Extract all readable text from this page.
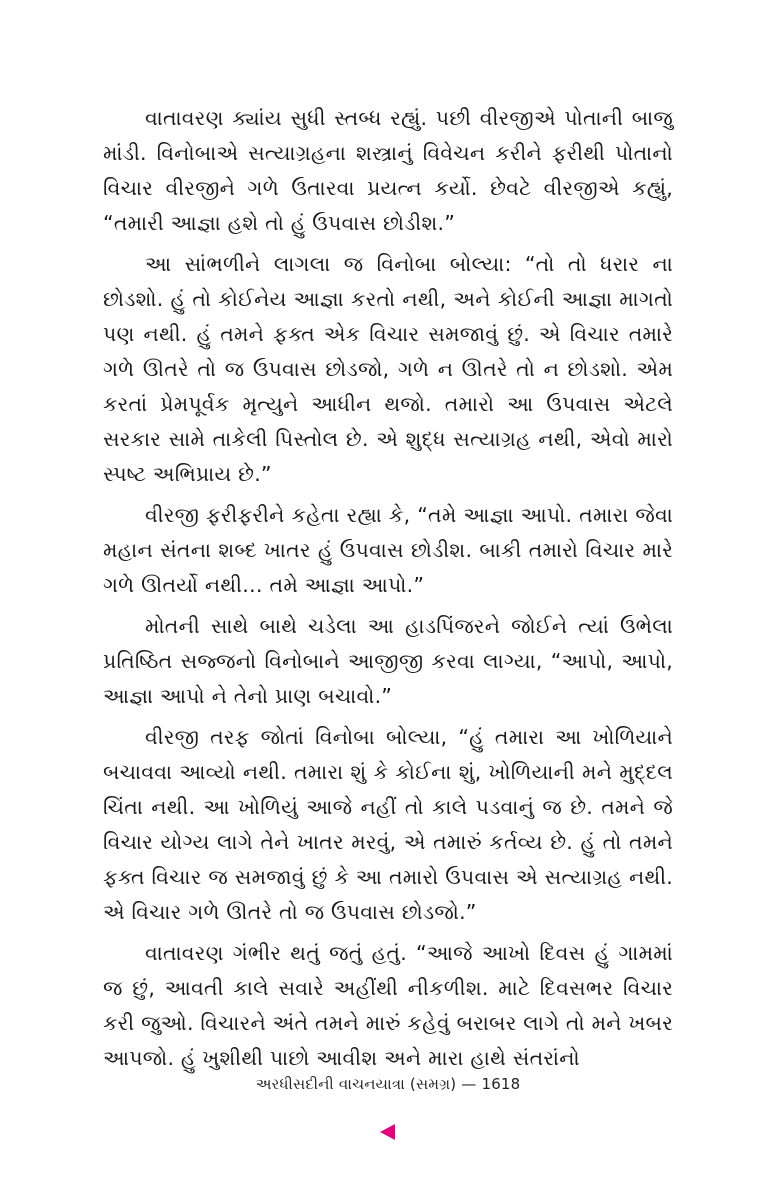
વાતાવરણ ક્યાંય સુધી સ્તબ્ધ રહ્યું. પછી વીરજીએ પોતાની બાજુ માંડી. વિનોબાએ સત્યાગ્રહના શસ્ત્રાનું વિવેચન કરીને ફરીથી પોતાનો વિચાર વીરજીને ગળે ઉતારવા પ્રયત્ન કર્યો. છેવટે વીરજીએ કહ્યું, “તમારી આજ્ઞા હશે તો હું ઉપવાસ છોડીશ.”

આ સાંભળીને લાગલા જ વિનોબા બોલ્યા: “તો તો ધરાર ના છોડશો. હું તો કોઈનેય આજ્ઞા કરતો નથી, અને કોઈની આજ્ઞા માગતો પણ નથી. હું તમને ફક્ત એક વિચાર સમજાવું છું. એ વિચાર તમારે ગળે ઊતરે તો જ ઉપવાસ છોડજો, ગળે ન ઊતરે તો ન છોડશો. એમ કરતાં પ્રેમપૂર્વક મૃત્યુને આધીન થજો. તમારો આ ઉપવાસ એટલે સરકાર સામે તાકેલી પિસ્તોલ છે. એ શુદ્ધ સત્યાગ્રહ નથી, એવો મારો સ્પષ્ટ અભિપ્રાય છે.”

વીરજી ફરીફરીને કહેતા રહ્યા કે, “તમે આજ્ઞા આપો. તમારા જેવા મહાન સંતના શબ્દ ખાતર હું ઉપવાસ છોડીશ. બાકી તમારો વિચાર મારે ગળે ઊતર્યો નથી… તમે આજ્ઞા આપો.”

મોતની સાથે બાથે ચડેલા આ હાડપિંજરને જોઈને ત્યાં ઉભેલા પ્રતિષ્ઠિત સજ્જનો વિનોબાને આજીજી કરવા લાગ્યા, “આપો, આપો, આજ્ઞા આપો ને તેનો પ્રાણ બચાવો.”

વીરજી તરફ જોતાં વિનોબા બોલ્યા, “હું તમારા આ ખોળિયાને બચાવવા આવ્યો નથી. તમારા શું કે કોઈના શું, ખોળિયાની મને મુદ્દલ ચિંતા નથી. આ ખોળિયું આજે નહીં તો કાલે પડવાનું જ છે. તમને જે વિચાર યોગ્ય લાગે તેને ખાતર મરવું, એ તમારું કર્તવ્ય છે. હું તો તમને ફક્ત વિચાર જ સમજાવું છું કે આ તમારો ઉપવાસ એ સત્યાગ્રહ નથી. એ વિચાર ગળે ઊતરે તો જ ઉપવાસ છોડજો.”

વાતાવરણ ગંભીર થતું જતું હતું. “આજે આખો દિવસ હું ગામમાં જ છું, આવતી કાલે સવારે અહીંથી નીકળીશ. માટે દિવસભર વિચાર કરી જુઓ. વિચારને અંતે તમને મારું કહેવું બરાબર લાગે તો મને ખબર આપજો. હું ખુશીથી પાછો આવીશ અને મારા હાથે સંતરાંનો

અરધીસદીની વાચનયાત્રા (સમગ્ર) — 1618
